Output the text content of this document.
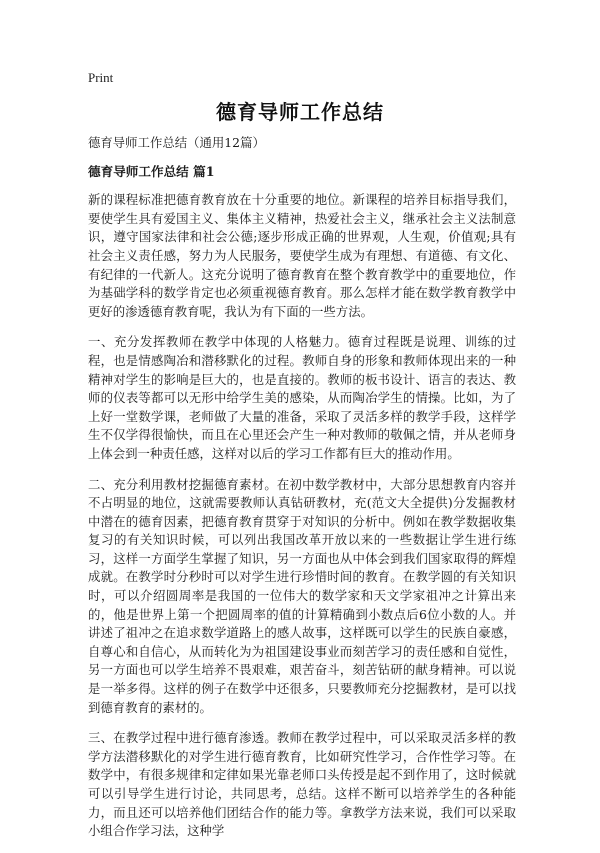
Print
德育导师工作总结

德育导师工作总结（通用12篇）

德育导师工作总结 篇1

新的课程标准把德育教育放在十分重要的地位。新课程的培养目标指导我们，要使学生具有爱国主义、集体主义精神，热爱社会主义，继承社会主义法制意识，遵守国家法律和社会公德;逐步形成正确的世界观，人生观，价值观;具有社会主义责任感，努力为人民服务，要使学生成为有理想、有道德、有文化、有纪律的一代新人。这充分说明了德育教育在整个教育教学中的重要地位，作为基础学科的数学肯定也必须重视德育教育。那么怎样才能在数学教育教学中更好的渗透德育教育呢，我认为有下面的一些方法。

一、充分发挥教师在教学中体现的人格魅力。德育过程既是说理、训练的过程，也是情感陶冶和潜移默化的过程。教师自身的形象和教师体现出来的一种精神对学生的影响是巨大的，也是直接的。教师的板书设计、语言的表达、教师的仪表等都可以无形中给学生美的感染，从而陶冶学生的情操。比如，为了上好一堂数学课，老师做了大量的准备，采取了灵活多样的教学手段，这样学生不仅学得很愉快，而且在心里还会产生一种对教师的敬佩之情，并从老师身上体会到一种责任感，这样对以后的学习工作都有巨大的推动作用。

二、充分利用教材挖掘德育素材。在初中数学教材中，大部分思想教育内容并不占明显的地位，这就需要教师认真钻研教材，充(范文大全提供)分发掘教材中潜在的德育因素，把德育教育贯穿于对知识的分析中。例如在教学数据收集复习的有关知识时候，可以列出我国改革开放以来的一些数据让学生进行练习，这样一方面学生掌握了知识，另一方面也从中体会到我们国家取得的辉煌成就。在教学时分秒时可以对学生进行珍惜时间的教育。在教学圆的有关知识时，可以介绍圆周率是我国的一位伟大的数学家和天文学家祖冲之计算出来的，他是世界上第一个把圆周率的值的计算精确到小数点后6位小数的人。并讲述了祖冲之在追求数学道路上的感人故事，这样既可以学生的民族自豪感，自尊心和自信心，从而转化为为祖国建设事业而刻苦学习的责任感和自觉性，另一方面也可以学生培养不畏艰难，艰苦奋斗，刻苦钻研的献身精神。可以说是一举多得。这样的例子在数学中还很多，只要教师充分挖掘教材，是可以找到德育教育的素材的。

三、在教学过程中进行德育渗透。教师在教学过程中，可以采取灵活多样的教学方法潜移默化的对学生进行德育教育，比如研究性学习，合作性学习等。在数学中，有很多规律和定律如果光靠老师口头传授是起不到作用了，这时候就可以引导学生进行讨论，共同思考，总结。这样不断可以培养学生的各种能力，而且还可以培养他们团结合作的能力等。拿教学方法来说，我们可以采取小组合作学习法，这种学
